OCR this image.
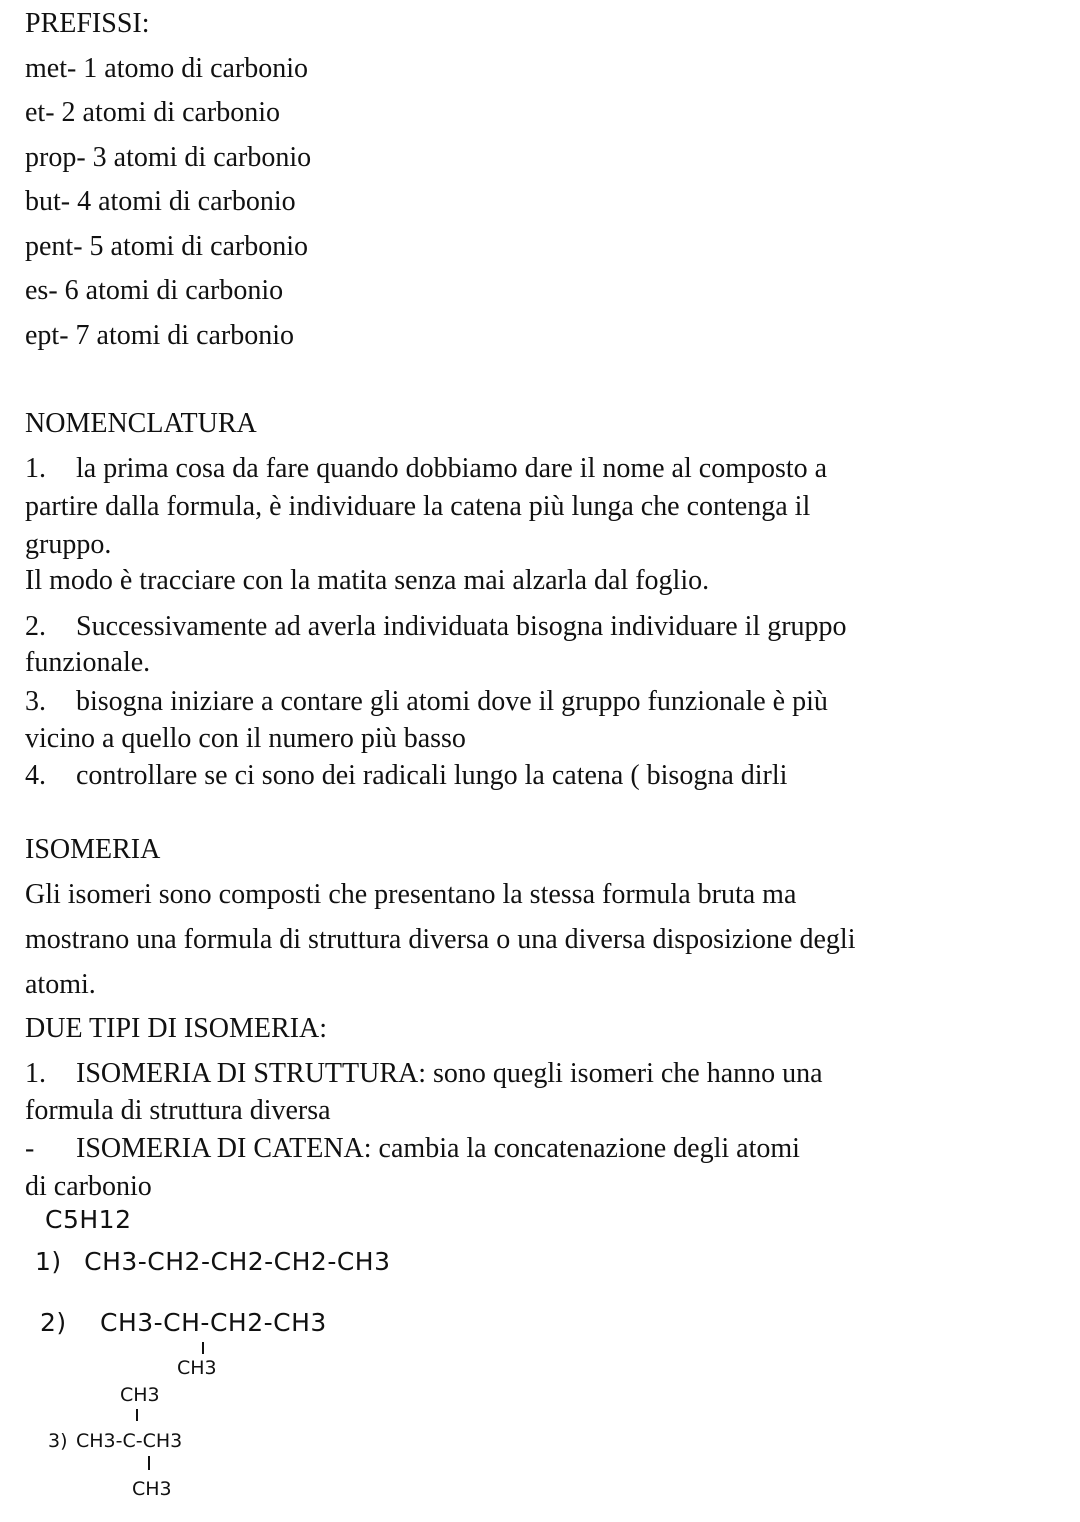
PREFISSI:
met- 1 atomo di carbonio
et- 2 atomi di carbonio
prop- 3 atomi di carbonio
but- 4 atomi di carbonio
pent- 5 atomi di carbonio
es- 6 atomi di carbonio
ept- 7 atomi di carbonio
NOMENCLATURA
1. la prima cosa da fare quando dobbiamo dare il nome al composto a
partire dalla formula, è individuare la catena più lunga che contenga il
gruppo.
Il modo è tracciare con la matita senza mai alzarla dal foglio.
2. Successivamente ad averla individuata bisogna individuare il gruppo
funzionale.
3. bisogna iniziare a contare gli atomi dove il gruppo funzionale è più
vicino a quello con il numero più basso
4. controllare se ci sono dei radicali lungo la catena ( bisogna dirli
ISOMERIA
Gli isomeri sono composti che presentano la stessa formula bruta ma
mostrano una formula di struttura diversa o una diversa disposizione degli
atomi.
DUE TIPI DI ISOMERIA:
1. ISOMERIA DI STRUTTURA: sono quegli isomeri che hanno una
formula di struttura diversa
- ISOMERIA DI CATENA: cambia la concatenazione degli atomi
di carbonio
C5H12
1) CH3-CH2-CH2-CH2-CH3
2) CH3-CH-CH2-CH3
CH3
CH3
3) CH3-C-CH3
CH3
